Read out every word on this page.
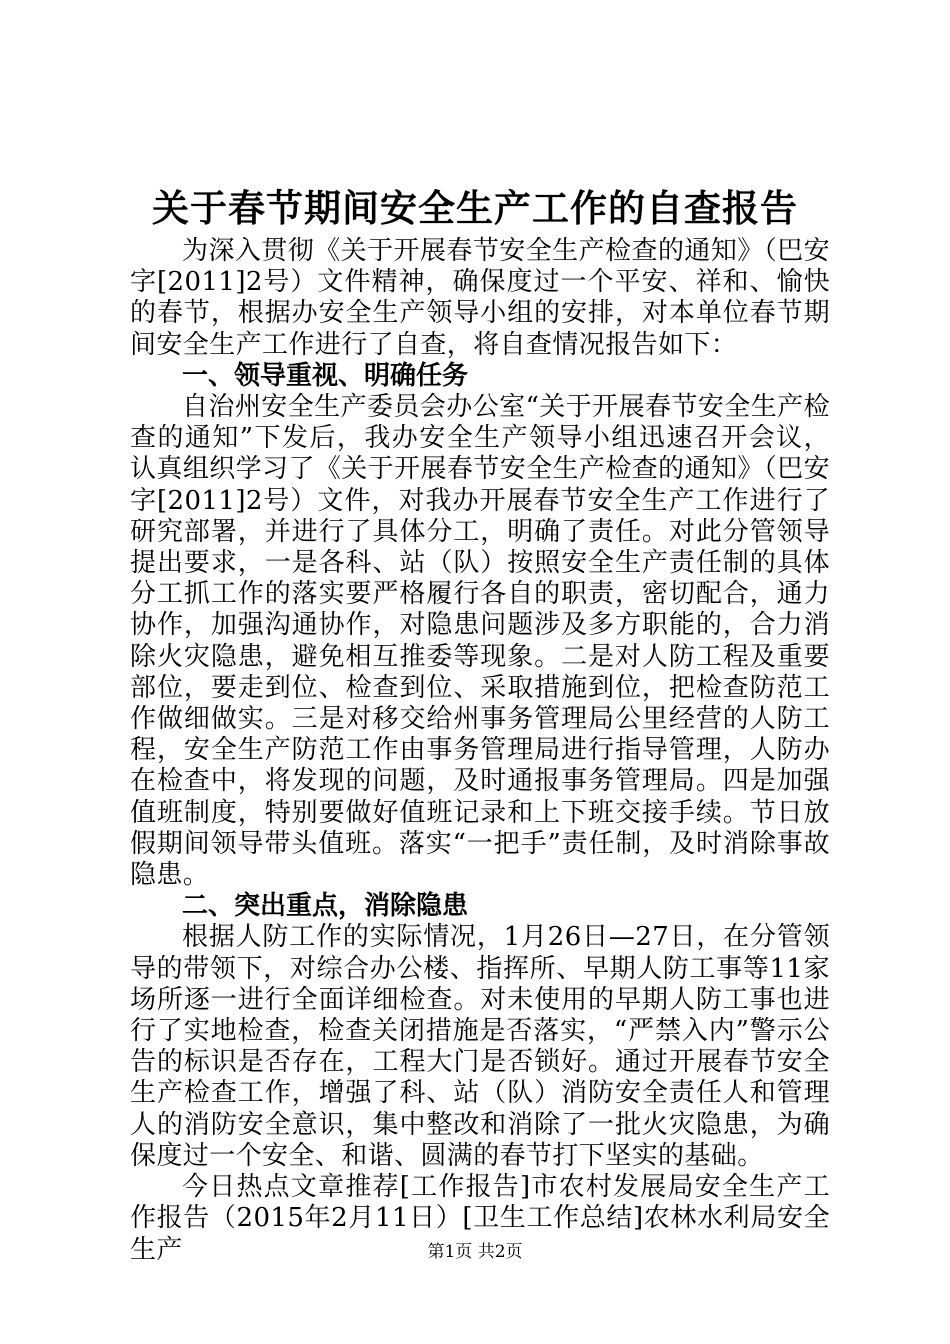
关于春节期间安全生产工作的自查报告

为深入贯彻《关于开展春节安全生产检查的通知》（巴安字[2011]2号）文件精神，确保度过一个平安、祥和、愉快的春节，根据办安全生产领导小组的安排，对本单位春节期间安全生产工作进行了自查，将自查情况报告如下：

一、领导重视、明确任务

自治州安全生产委员会办公室“关于开展春节安全生产检查的通知”下发后，我办安全生产领导小组迅速召开会议，认真组织学习了《关于开展春节安全生产检查的通知》（巴安字[2011]2号）文件，对我办开展春节安全生产工作进行了研究部署，并进行了具体分工，明确了责任。对此分管领导提出要求，一是各科、站（队）按照安全生产责任制的具体分工抓工作的落实要严格履行各自的职责，密切配合，通力协作，加强沟通协作，对隐患问题涉及多方职能的，合力消除火灾隐患，避免相互推委等现象。二是对人防工程及重要部位，要走到位、检查到位、采取措施到位，把检查防范工作做细做实。三是对移交给州事务管理局公里经营的人防工程，安全生产防范工作由事务管理局进行指导管理，人防办在检查中，将发现的问题，及时通报事务管理局。四是加强值班制度，特别要做好值班记录和上下班交接手续。节日放假期间领导带头值班。落实“一把手”责任制，及时消除事故隐患。

二、突出重点，消除隐患

根据人防工作的实际情况，1月26日—27日，在分管领导的带领下，对综合办公楼、指挥所、早期人防工事等11家场所逐一进行全面详细检查。对未使用的早期人防工事也进行了实地检查，检查关闭措施是否落实，“严禁入内”警示公告的标识是否存在，工程大门是否锁好。通过开展春节安全生产检查工作，增强了科、站（队）消防安全责任人和管理人的消防安全意识，集中整改和消除了一批火灾隐患，为确保度过一个安全、和谐、圆满的春节打下坚实的基础。

今日热点文章推荐[工作报告]市农村发展局安全生产工作报告（2015年2月11日）[卫生工作总结]农林水利局安全生产	第1页 共2页
